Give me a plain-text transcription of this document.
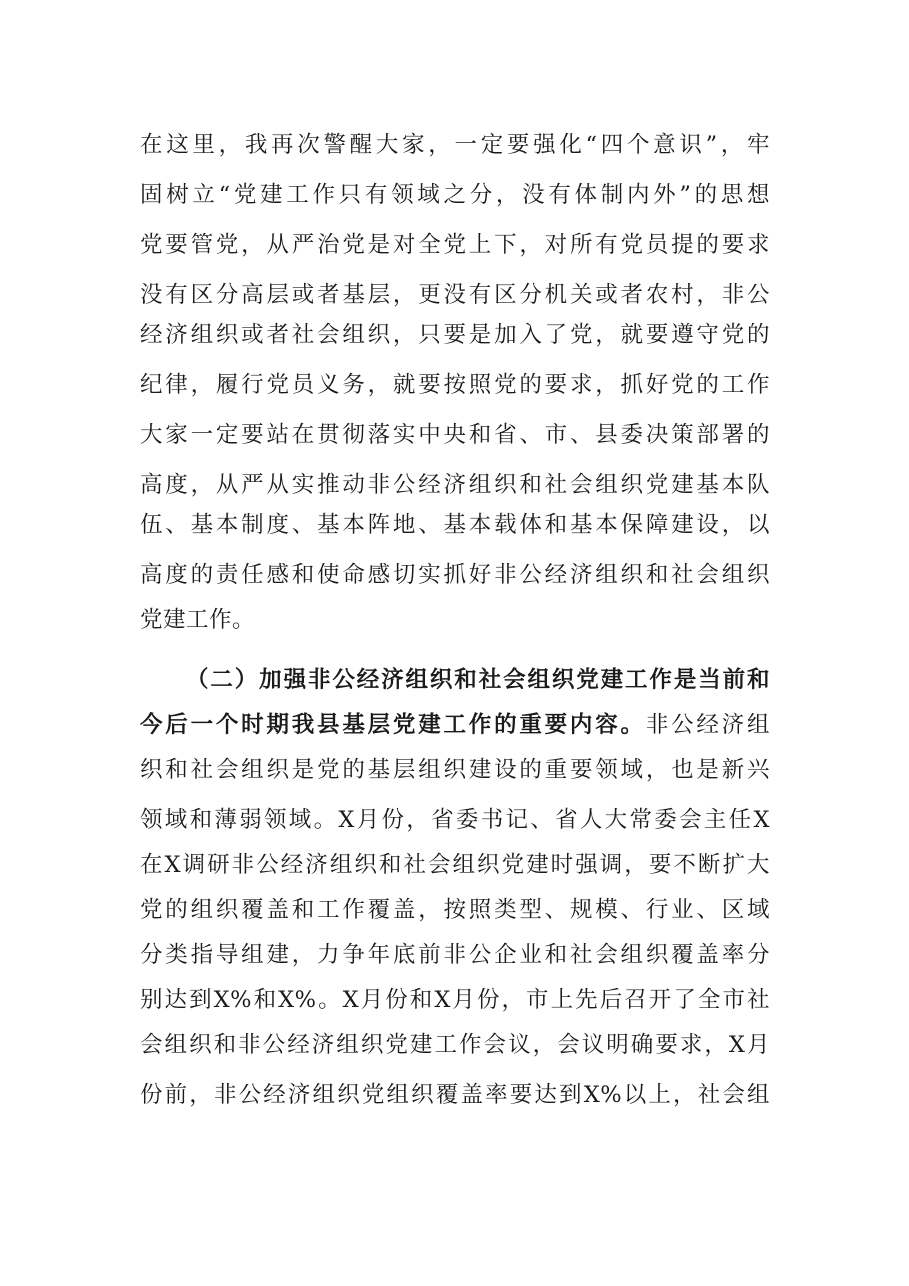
在这里，我再次警醒大家，一定要强化“四个意识”，牢
固树立“党建工作只有领域之分，没有体制内外”的思想
党要管党，从严治党是对全党上下，对所有党员提的要求
没有区分高层或者基层，更没有区分机关或者农村，非公
经济组织或者社会组织，只要是加入了党，就要遵守党的
纪律，履行党员义务，就要按照党的要求，抓好党的工作
大家一定要站在贯彻落实中央和省、市、县委决策部署的
高度，从严从实推动非公经济组织和社会组织党建基本队
伍、基本制度、基本阵地、基本载体和基本保障建设，以
高度的责任感和使命感切实抓好非公经济组织和社会组织
党建工作。
（二）加强非公经济组织和社会组织党建工作是当前和
今后一个时期我县基层党建工作的重要内容。非公经济组
织和社会组织是党的基层组织建设的重要领域，也是新兴
领域和薄弱领域。X月份，省委书记、省人大常委会主任X
在X调研非公经济组织和社会组织党建时强调，要不断扩大
党的组织覆盖和工作覆盖，按照类型、规模、行业、区域
分类指导组建，力争年底前非公企业和社会组织覆盖率分
别达到X%和X%。X月份和X月份，市上先后召开了全市社
会组织和非公经济组织党建工作会议，会议明确要求，X月
份前，非公经济组织党组织覆盖率要达到X%以上，社会组
